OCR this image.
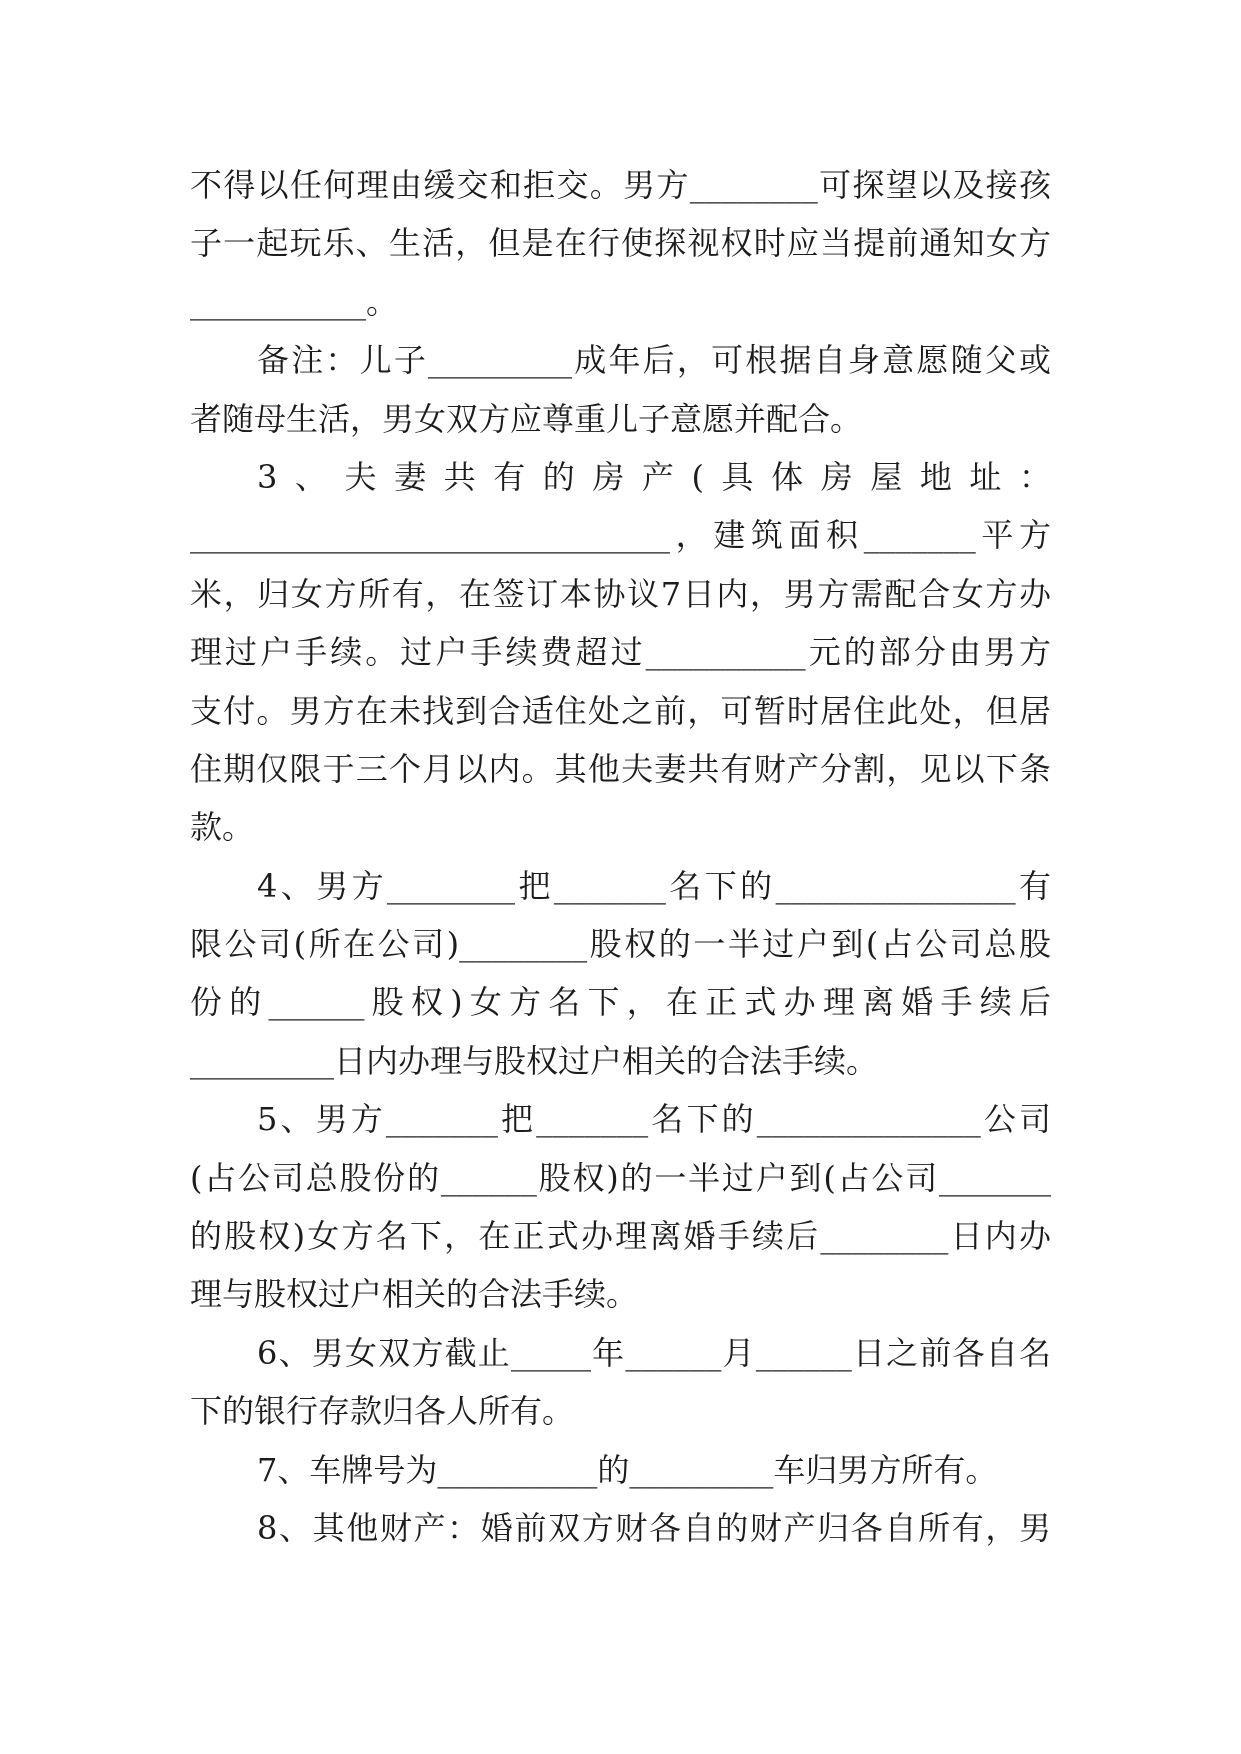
不得以任何理由缓交和拒交。男方________可探望以及接孩
子一起玩乐、生活，但是在行使探视权时应当提前通知女方
___________。
备注：儿子_________成年后，可根据自身意愿随父或
者随母生活，男女双方应尊重儿子意愿并配合。
3、夫妻共有的房产(具体房屋地址：
______________________________，建筑面积_______平方
米，归女方所有，在签订本协议7日内，男方需配合女方办
理过户手续。过户手续费超过__________元的部分由男方
支付。男方在未找到合适住处之前，可暂时居住此处，但居
住期仅限于三个月以内。其他夫妻共有财产分割，见以下条
款。
4、男方________把_______名下的_______________有
限公司(所在公司)________股权的一半过户到(占公司总股
份的______股权)女方名下，在正式办理离婚手续后
_________日内办理与股权过户相关的合法手续。
5、男方_______把_______名下的______________公司
(占公司总股份的______股权)的一半过户到(占公司_______
的股权)女方名下，在正式办理离婚手续后________日内办
理与股权过户相关的合法手续。
6、男女双方截止_____年______月______日之前各自名
下的银行存款归各人所有。
7、车牌号为__________的_________车归男方所有。
8、其他财产：婚前双方财各自的财产归各自所有，男
